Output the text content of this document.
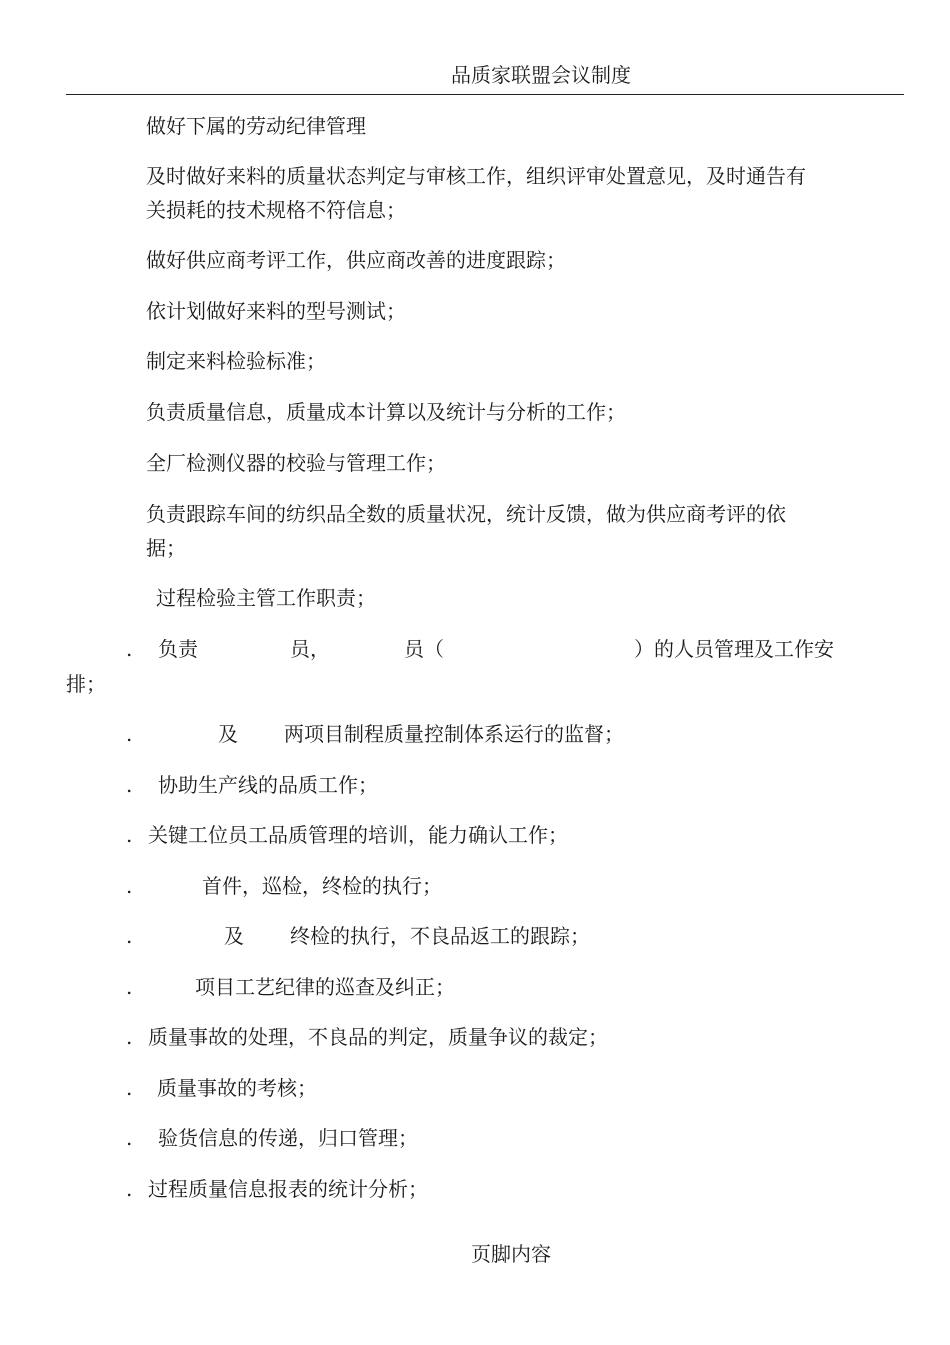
品质家联盟会议制度
做好下属的劳动纪律管理
及时做好来料的质量状态判定与审核工作，组织评审处置意见，及时通告有
关损耗的技术规格不符信息；
做好供应商考评工作，供应商改善的进度跟踪；
依计划做好来料的型号测试；
制定来料检验标准；
负责质量信息，质量成本计算以及统计与分析的工作；
全厂检测仪器的校验与管理工作；
负责跟踪车间的纺织品全数的质量状况，统计反馈，做为供应商考评的依
据；
过程检验主管工作职责；
. 负责	员，	员（	）的人员管理及工作安
排；
.	及 两项目制程质量控制体系运行的监督；
. 协助生产线的品质工作；
. 关键工位员工品质管理的培训，能力确认工作；
.	首件，巡检，终检的执行；
.	及 终检的执行，不良品返工的跟踪；
.	项目工艺纪律的巡查及纠正；
. 质量事故的处理，不良品的判定，质量争议的裁定；
. 质量事故的考核；
. 验货信息的传递，归口管理；
. 过程质量信息报表的统计分析；
页脚内容
